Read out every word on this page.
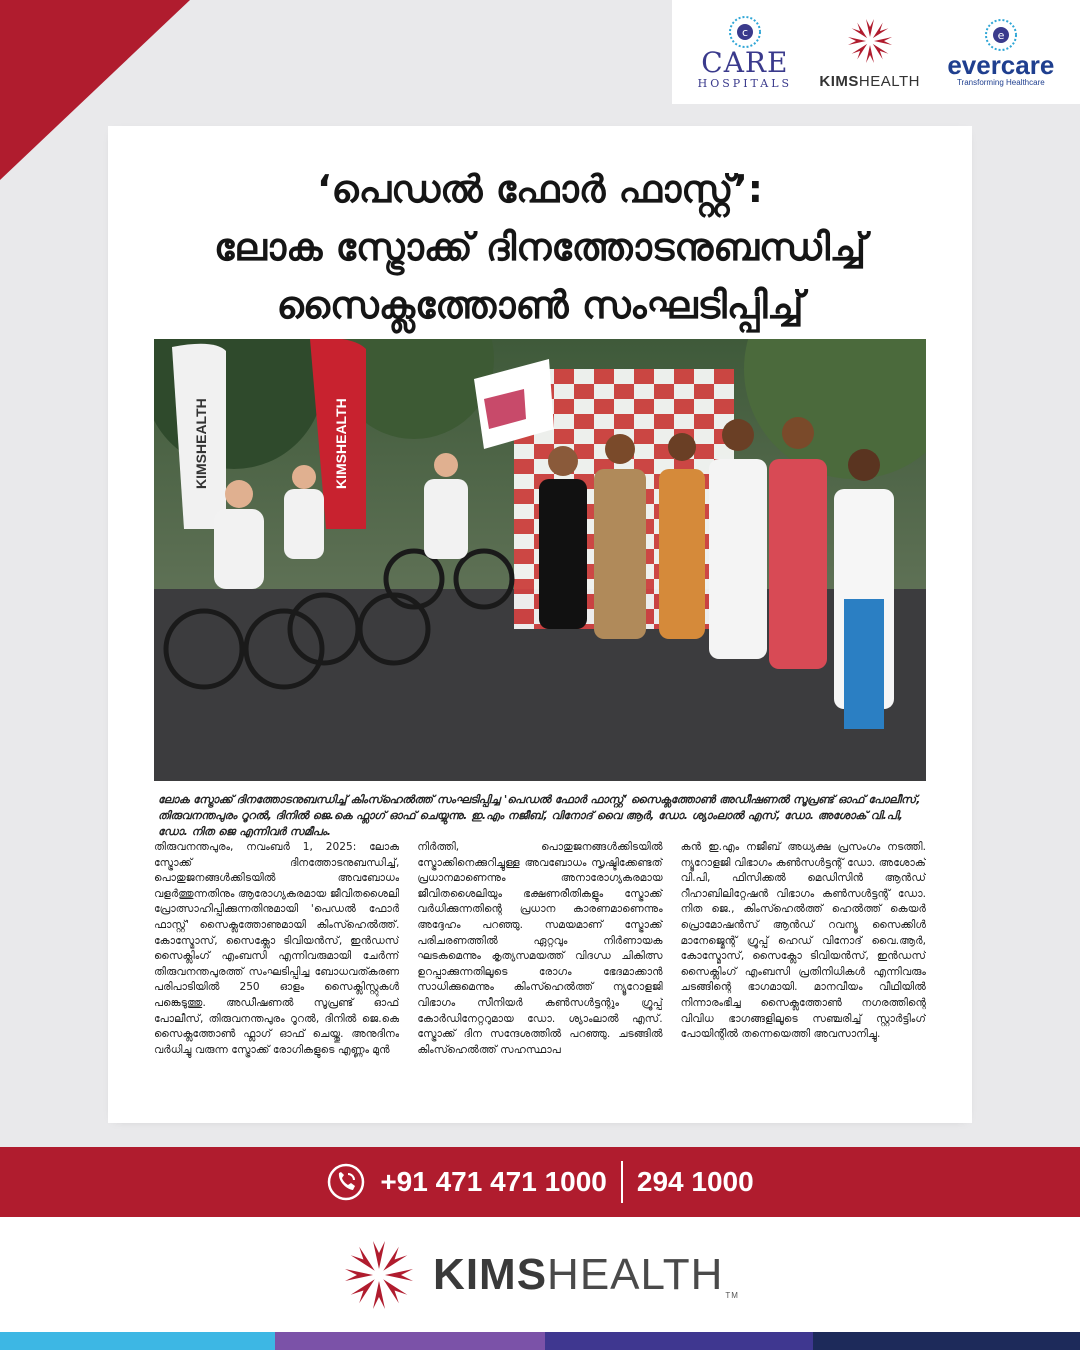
c
CARE
HOSPITALS KIMSHEALTH
e
evercare
Transforming Healthcare
‘പെഡൽ ഫോർ ഫാസ്റ്റ്’:
ലോക സ്ട്രോക്ക് ദിനത്തോടനുബന്ധിച്ച്
സൈക്ലത്തോൺ സംഘടിപ്പിച്ച്
KIMSHEALTH	KIMSHEALTH
ലോക സ്ട്രോക്ക് ദിനത്തോടനുബന്ധിച്ച് കിംസ്ഹെൽത്ത് സംഘടിപ്പിച്ച 'പെഡൽ ഫോർ ഫാസ്റ്റ്' സൈക്ലത്തോൺ അഡീഷണൽ സൂപ്രണ്ട് ഓഫ് പോലീസ്, തിരുവനന്തപുരം റൂറൽ, ദിനിൽ ജെ.കെ ഫ്ലാഗ് ഓഫ് ചെയ്യുന്നു. ഇ.എം നജീബ്, വിനോദ് വൈ ആർ, ഡോ. ശ്യാംലാൽ എസ്, ഡോ. അശോക് വി.പി, ഡോ. നിത ജെ എന്നിവർ സമീപം.
തിരുവനന്തപുരം, നവംബർ 1, 2025: ലോക സ്ട്രോക്ക് ദിനത്തോടനുബന്ധിച്ച്, പൊതുജനങ്ങൾക്കിടയിൽ അവബോധം വളർത്തുന്നതിനും ആരോഗ്യകരമായ ജീവിതശൈലി പ്രോത്സാഹിപ്പിക്കുന്നതിനുമായി 'പെഡൽ ഫോർ ഫാസ്റ്റ്' സൈക്ലത്തോണുമായി കിംസ്ഹെൽത്ത്. കോസ്മോസ്, സൈക്ലോ ടിവിയൻസ്, ഇൻഡസ് സൈക്ലിംഗ് എംബസി എന്നിവരുമായി ചേർന്ന് തിരുവനന്തപുരത്ത് സംഘടിപ്പിച്ച ബോധവത്കരണ പരിപാടിയിൽ 250 ഓളം സൈക്ലിസ്റ്റുകൾ പങ്കെടുത്തു. അഡീഷണൽ സൂപ്രണ്ട് ഓഫ് പോലീസ്, തിരുവനന്തപുരം റൂറൽ, ദിനിൽ ജെ.കെ സൈക്ലത്തോൺ ഫ്ലാഗ് ഓഫ് ചെയ്തു. അനുദിനം വർധിച്ചു വരുന്ന സ്ട്രോക്ക് രോഗികളുടെ എണ്ണം മുൻ
നിർത്തി, പൊതുജനങ്ങൾക്കിടയിൽ സ്ട്രോക്കിനെക്കുറിച്ചുള്ള അവബോധം സൃഷ്ടിക്കേണ്ടത് പ്രധാനമാണെന്നും അനാരോഗ്യകരമായ ജീവിതശൈലിയും ഭക്ഷണരീതികളും സ്ട്രോക്ക് വർധിക്കുന്നതിന്റെ പ്രധാന കാരണമാണെന്നും അദ്ദേഹം പറഞ്ഞു. സമയമാണ് സ്ട്രോക്ക് പരിചരണത്തിൽ ഏറ്റവും നിർണായക ഘടകമെന്നും കൃത്യസമയത്ത് വിദഗ്ധ ചികിത്സ ഉറപ്പാക്കുന്നതിലൂടെ രോഗം ഭേദമാക്കാൻ സാധിക്കുമെന്നും കിംസ്ഹെൽത്ത് ന്യൂറോളജി വിഭാഗം സീനിയർ കൺസൾട്ടന്റും ഗ്രൂപ്പ് കോർഡിനേറ്ററുമായ ഡോ. ശ്യാംലാൽ എസ്. സ്ട്രോക്ക് ദിന സന്ദേശത്തിൽ പറഞ്ഞു. ചടങ്ങിൽ കിംസ്ഹെൽത്ത് സഹസ്ഥാപ
കൻ ഇ.എം നജീബ് അധ്യക്ഷ പ്രസംഗം നടത്തി. ന്യൂറോളജി വിഭാഗം കൺസൾട്ടന്റ് ഡോ. അശോക് വി.പി, ഫിസിക്കൽ മെഡിസിൻ ആൻഡ് റീഹാബിലിറ്റേഷൻ വിഭാഗം കൺസൾട്ടന്റ് ഡോ. നിത ജെ., കിംസ്ഹെൽത്ത് ഹെൽത്ത് കെയർ പ്രൊമോഷൻസ് ആൻഡ് റവന്യൂ സൈക്കിൾ മാനേജ്മെന്റ് ഗ്രൂപ്പ് ഹെഡ് വിനോദ് വൈ.ആർ, കോസ്മോസ്, സൈക്ലോ ടിവിയൻസ്, ഇൻഡസ് സൈക്ലിംഗ് എംബസി പ്രതിനിധികൾ എന്നിവരും ചടങ്ങിന്റെ ഭാഗമായി. മാനവീയം വീഥിയിൽ നിന്നാരംഭിച്ച സൈക്ലത്തോൺ നഗരത്തിന്റെ വിവിധ ഭാഗങ്ങളിലൂടെ സഞ്ചരിച്ച് സ്റ്റാർട്ടിംഗ് പോയിന്റിൽ തന്നെയെത്തി അവസാനിച്ചു.
+91 471 471 1000 294 1000
KIMSHEALTH TM
